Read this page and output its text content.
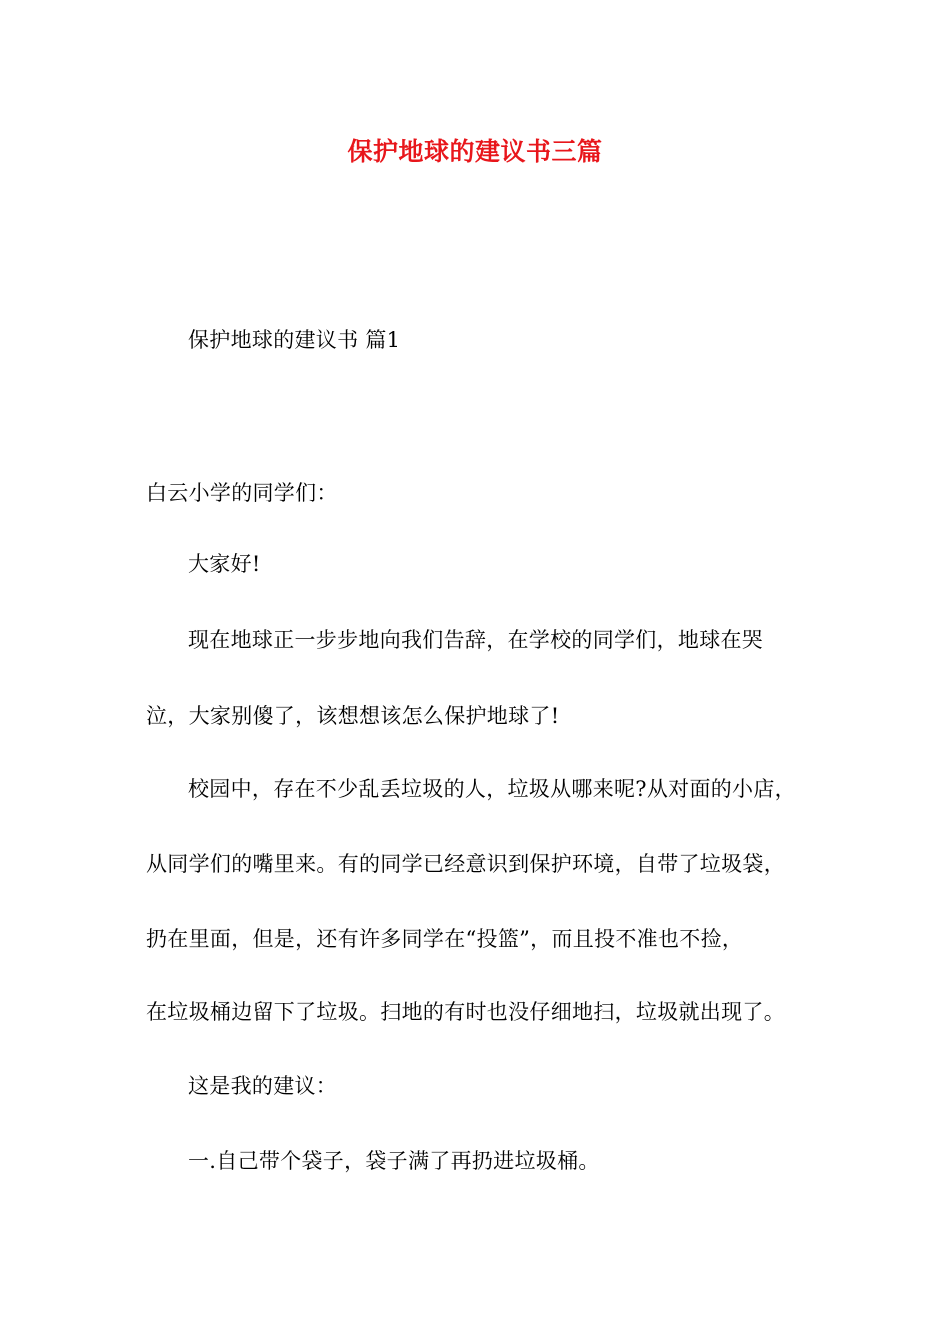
保护地球的建议书三篇
保护地球的建议书 篇1
白云小学的同学们：
大家好!
现在地球正一步步地向我们告辞，在学校的同学们，地球在哭
泣，大家别傻了，该想想该怎么保护地球了!
校园中，存在不少乱丢垃圾的人，垃圾从哪来呢?从对面的小店，
从同学们的嘴里来。有的同学已经意识到保护环境，自带了垃圾袋，
扔在里面，但是，还有许多同学在“投篮”，而且投不准也不捡，
在垃圾桶边留下了垃圾。扫地的有时也没仔细地扫，垃圾就出现了。
这是我的建议：
一.自己带个袋子，袋子满了再扔进垃圾桶。
